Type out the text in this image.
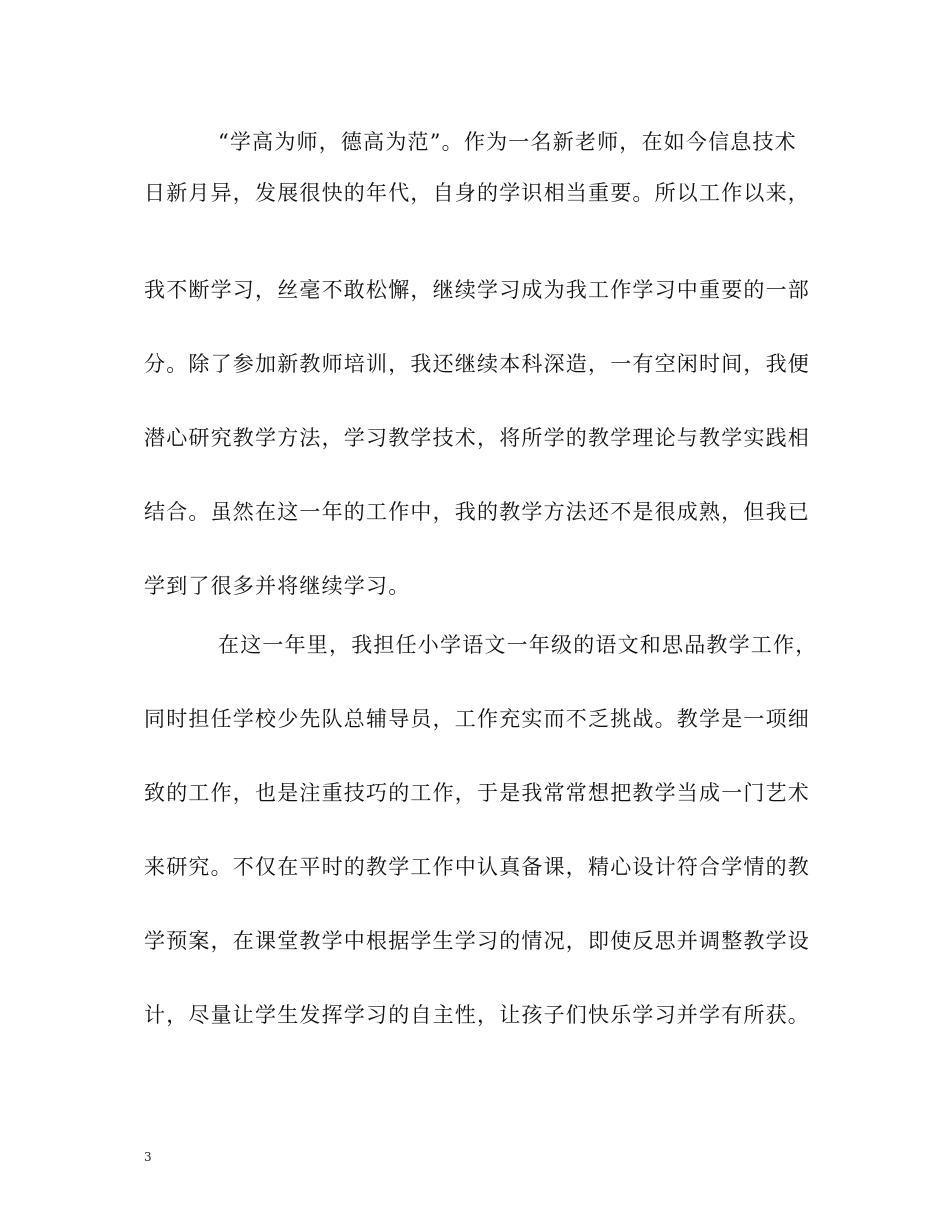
“学高为师，德高为范”。作为一名新老师，在如今信息技术
日新月异，发展很快的年代，自身的学识相当重要。所以工作以来，
我不断学习，丝毫不敢松懈，继续学习成为我工作学习中重要的一部
分。除了参加新教师培训，我还继续本科深造，一有空闲时间，我便
潜心研究教学方法，学习教学技术，将所学的教学理论与教学实践相
结合。虽然在这一年的工作中，我的教学方法还不是很成熟，但我已
学到了很多并将继续学习。
在这一年里，我担任小学语文一年级的语文和思品教学工作，
同时担任学校少先队总辅导员，工作充实而不乏挑战。教学是一项细
致的工作，也是注重技巧的工作，于是我常常想把教学当成一门艺术
来研究。不仅在平时的教学工作中认真备课，精心设计符合学情的教
学预案，在课堂教学中根据学生学习的情况，即使反思并调整教学设
计，尽量让学生发挥学习的自主性，让孩子们快乐学习并学有所获。
3
